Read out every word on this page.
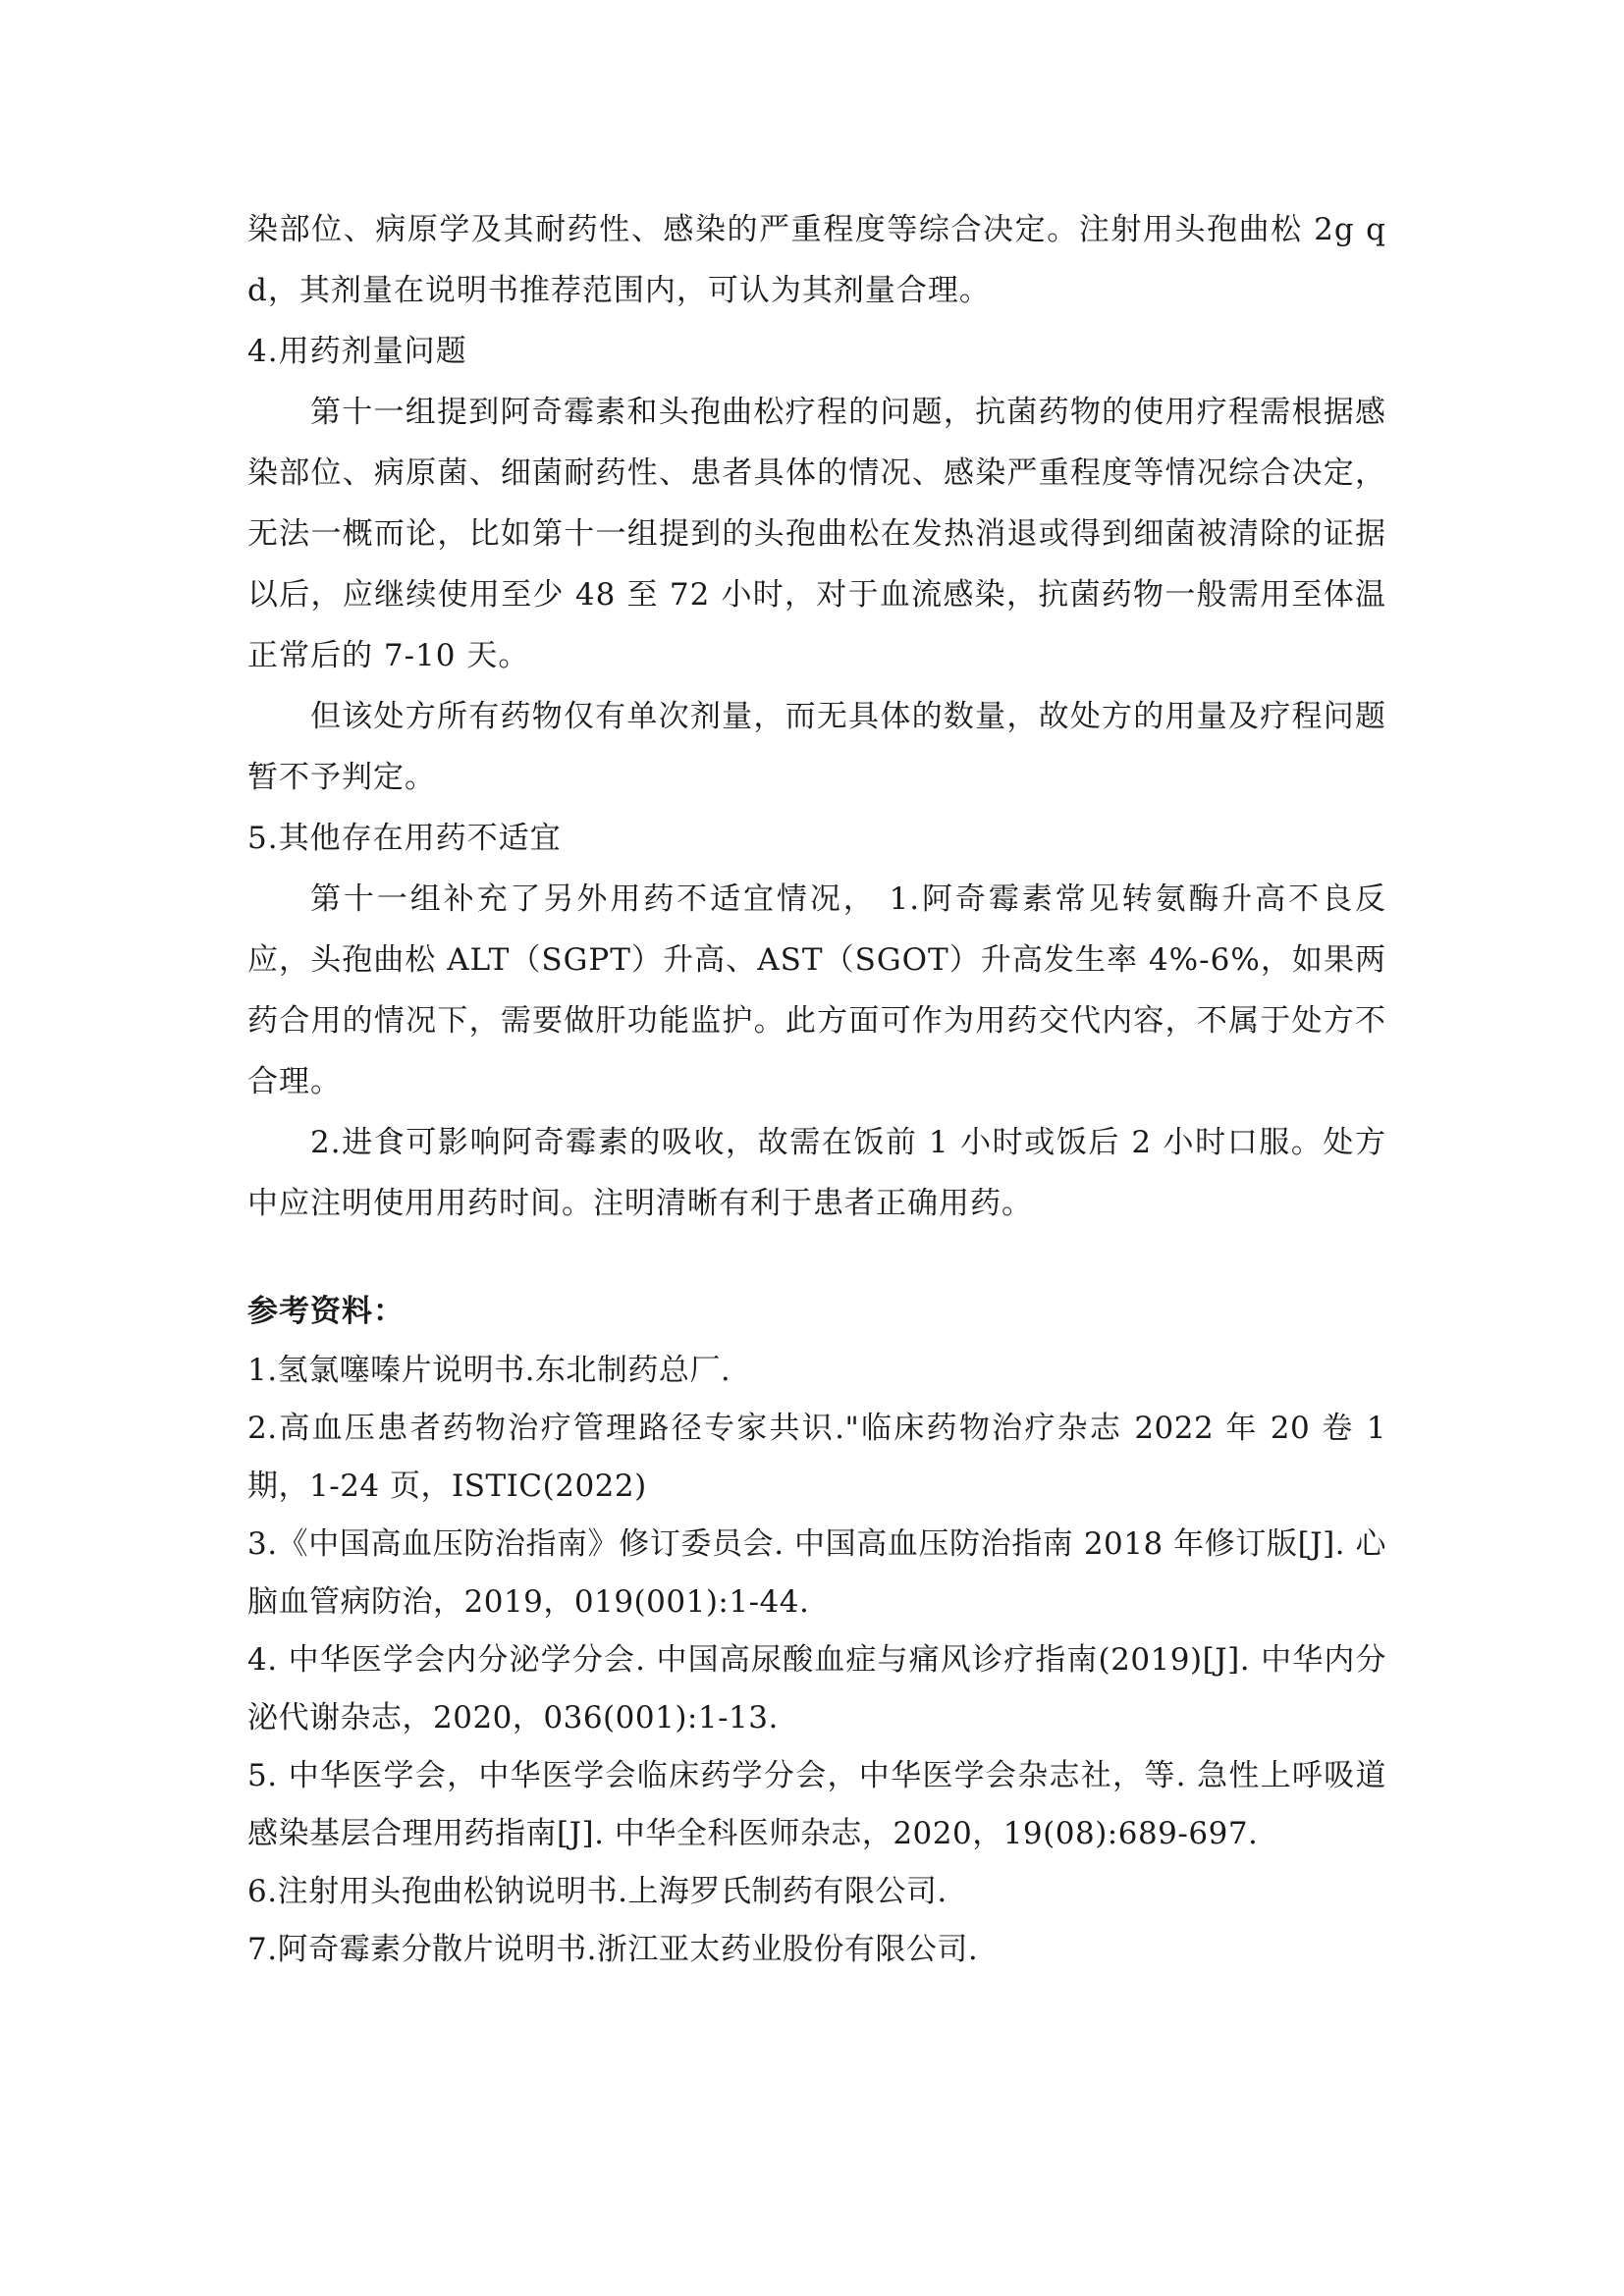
染部位、病原学及其耐药性、感染的严重程度等综合决定。注射用头孢曲松 2g qd，其剂量在说明书推荐范围内，可认为其剂量合理。

4.用药剂量问题

第十一组提到阿奇霉素和头孢曲松疗程的问题，抗菌药物的使用疗程需根据感染部位、病原菌、细菌耐药性、患者具体的情况、感染严重程度等情况综合决定，无法一概而论，比如第十一组提到的头孢曲松在发热消退或得到细菌被清除的证据以后，应继续使用至少 48 至 72 小时，对于血流感染，抗菌药物一般需用至体温正常后的 7-10 天。

但该处方所有药物仅有单次剂量，而无具体的数量，故处方的用量及疗程问题暂不予判定。

5.其他存在用药不适宜

第十一组补充了另外用药不适宜情况， 1.阿奇霉素常见转氨酶升高不良反应，头孢曲松 ALT（SGPT）升高、AST（SGOT）升高发生率 4%-6%，如果两药合用的情况下，需要做肝功能监护。此方面可作为用药交代内容，不属于处方不合理。

2.进食可影响阿奇霉素的吸收，故需在饭前 1 小时或饭后 2 小时口服。处方中应注明使用用药时间。注明清晰有利于患者正确用药。

参考资料：

1.氢氯噻嗪片说明书.东北制药总厂.
2.高血压患者药物治疗管理路径专家共识."临床药物治疗杂志 2022 年 20 卷 1 期，1-24 页，ISTIC(2022)
3.《中国高血压防治指南》修订委员会. 中国高血压防治指南 2018 年修订版[J]. 心脑血管病防治，2019，019(001):1-44.
4. 中华医学会内分泌学分会. 中国高尿酸血症与痛风诊疗指南(2019)[J]. 中华内分泌代谢杂志，2020，036(001):1-13.
5. 中华医学会，中华医学会临床药学分会，中华医学会杂志社，等. 急性上呼吸道感染基层合理用药指南[J]. 中华全科医师杂志，2020，19(08):689-697.
6.注射用头孢曲松钠说明书.上海罗氏制药有限公司.
7.阿奇霉素分散片说明书.浙江亚太药业股份有限公司.
